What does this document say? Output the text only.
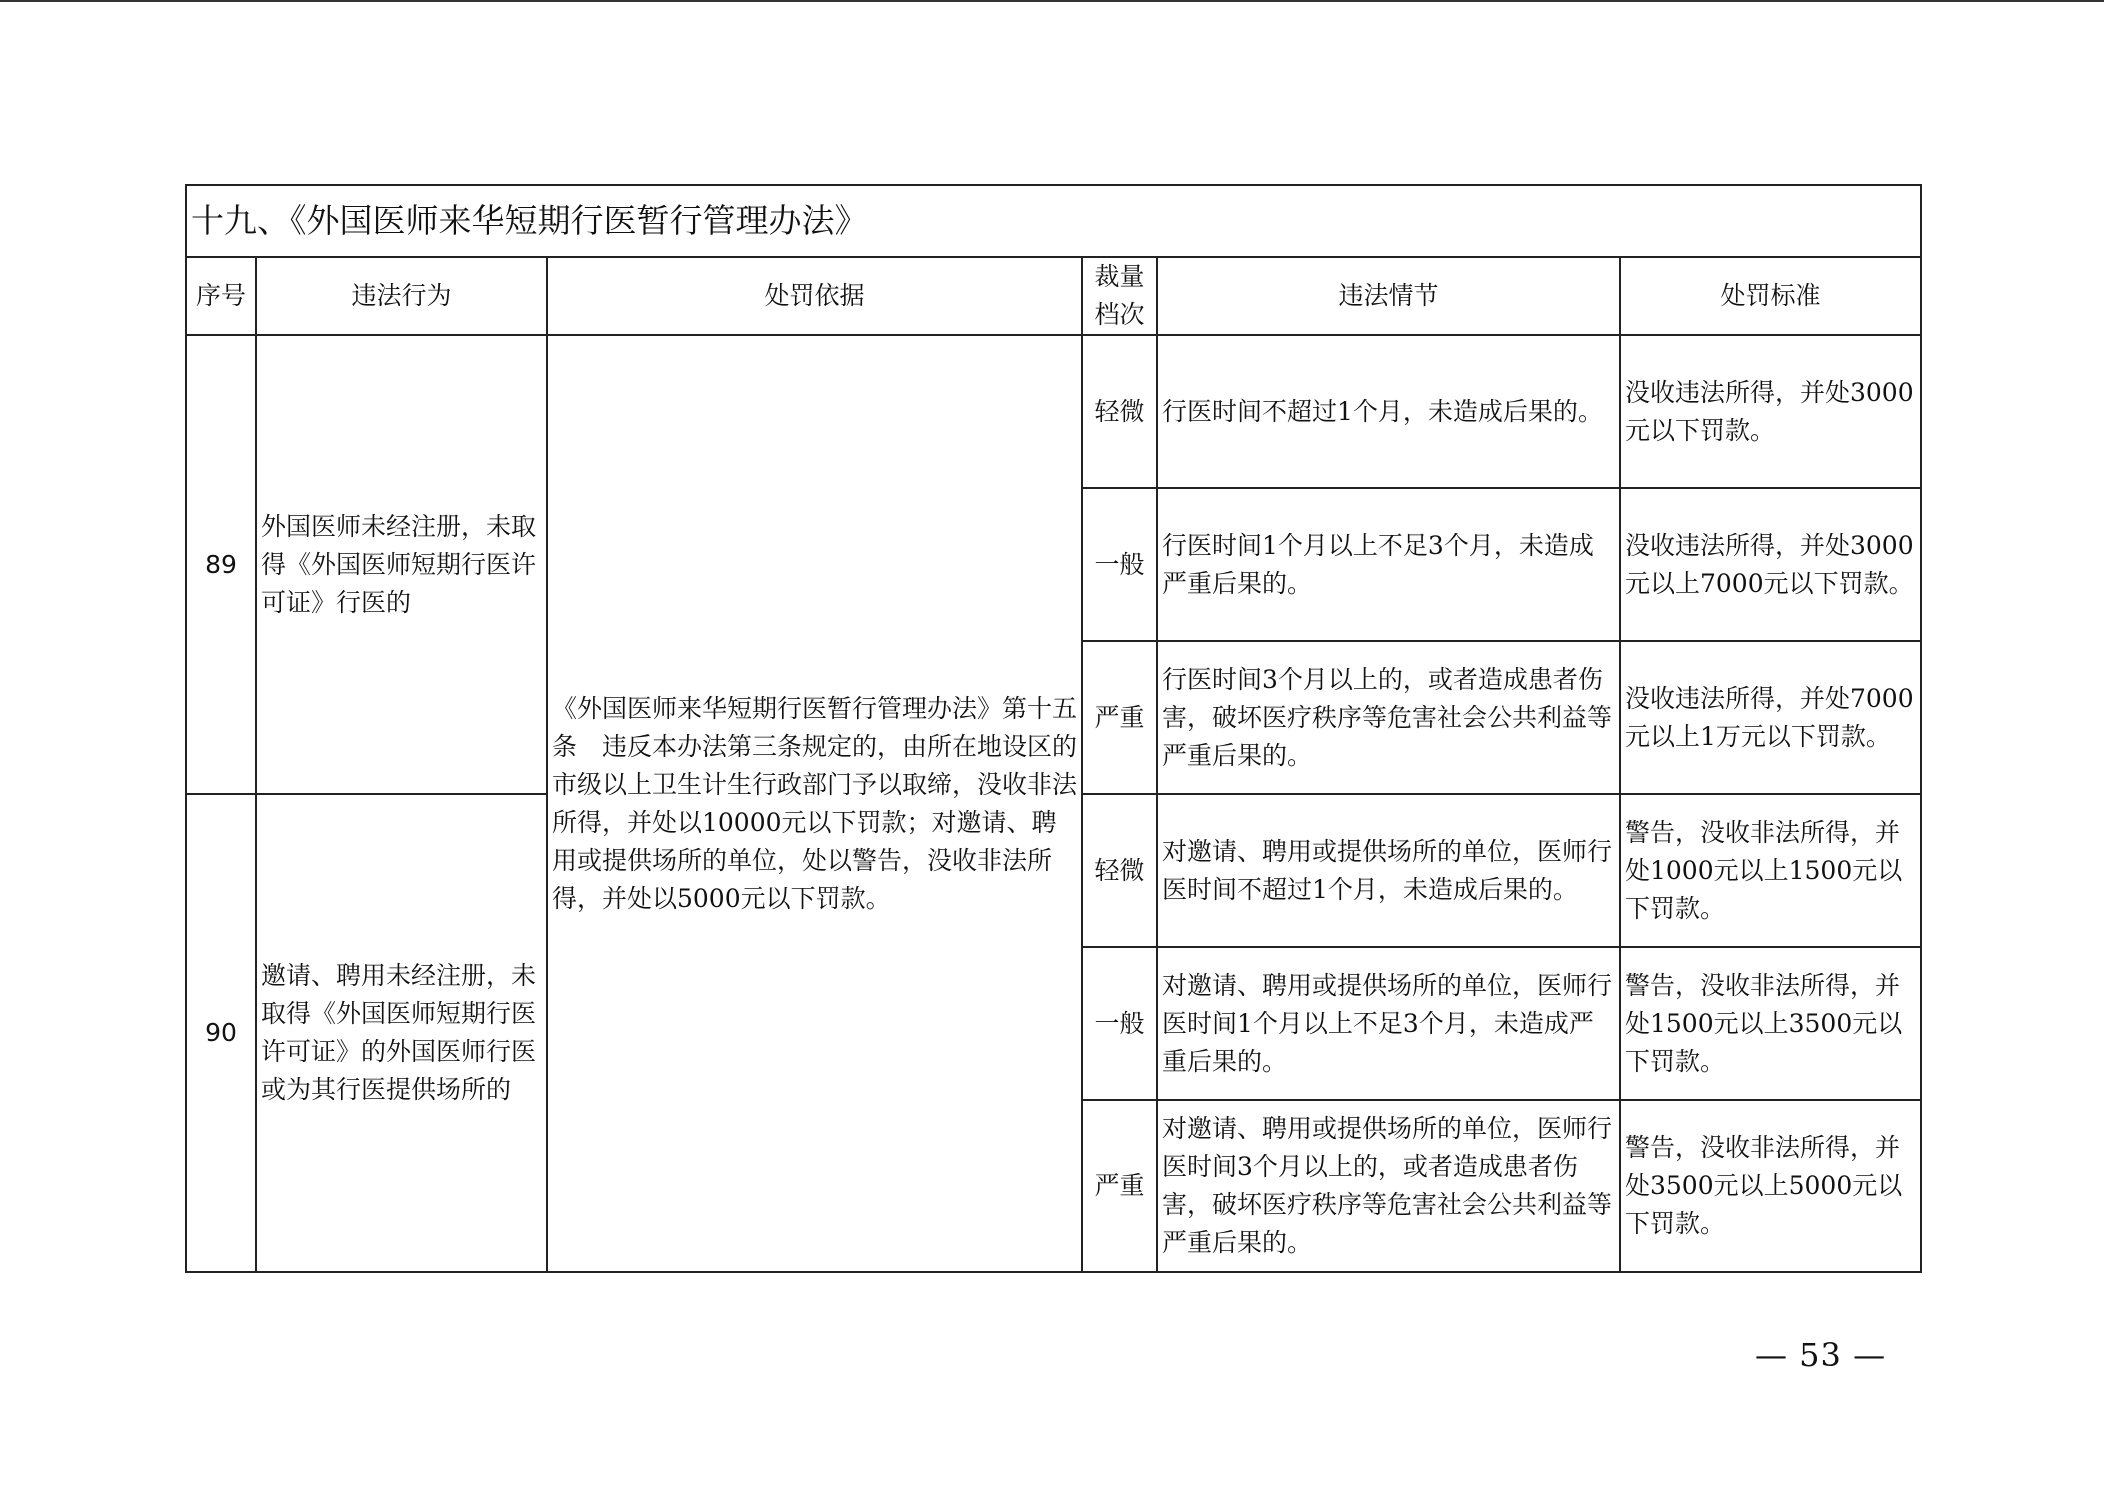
十九、《外国医师来华短期行医暂行管理办法》					
序号	违法行为	处罚依据	裁量档次	违法情节	处罚标准
89	外国医师未经注册，未取得《外国医师短期行医许可证》行医的	《外国医师来华短期行医暂行管理办法》第十五条　违反本办法第三条规定的，由所在地设区的市级以上卫生计生行政部门予以取缔，没收非法所得，并处以10000元以下罚款；对邀请、聘用或提供场所的单位，处以警告，没收非法所得，并处以5000元以下罚款。	轻微	行医时间不超过1个月，未造成后果的。	没收违法所得，并处3000元以下罚款。
			一般	行医时间1个月以上不足3个月，未造成严重后果的。	没收违法所得，并处3000元以上7000元以下罚款。
			严重	行医时间3个月以上的，或者造成患者伤害，破坏医疗秩序等危害社会公共利益等严重后果的。	没收违法所得，并处7000元以上1万元以下罚款。
90	邀请、聘用未经注册，未取得《外国医师短期行医许可证》的外国医师行医或为其行医提供场所的		轻微	对邀请、聘用或提供场所的单位，医师行医时间不超过1个月，未造成后果的。	警告，没收非法所得，并处1000元以上1500元以下罚款。
			一般	对邀请、聘用或提供场所的单位，医师行医时间1个月以上不足3个月，未造成严重后果的。	警告，没收非法所得，并处1500元以上3500元以下罚款。
			严重	对邀请、聘用或提供场所的单位，医师行医时间3个月以上的，或者造成患者伤害，破坏医疗秩序等危害社会公共利益等严重后果的。	警告，没收非法所得，并处3500元以上5000元以下罚款。
— 53 —
